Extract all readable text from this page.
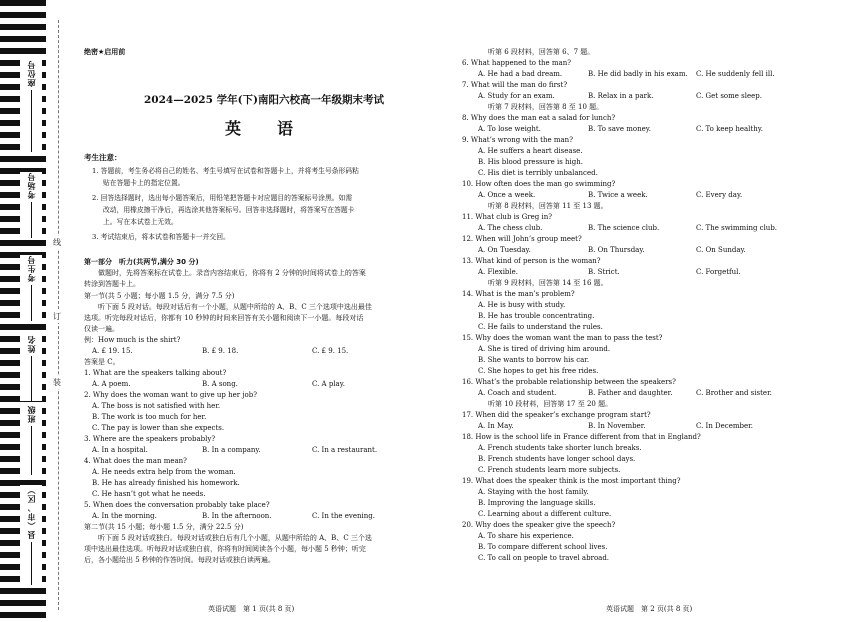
座位号
考场号
考生号
姓名
班级
县（市、区）
线
订
装
绝密★启用前
2024—2025 学年(下)南阳六校高一年级期末考试
英　语
考生注意：
1. 答题前，考生务必将自己的姓名、考生号填写在试卷和答题卡上，并将考生号条形码粘
贴在答题卡上的指定位置。
2. 回答选择题时，选出每小题答案后，用铅笔把答题卡对应题目的答案标号涂黑。如需
改动，用橡皮擦干净后，再选涂其他答案标号。回答非选择题时，将答案写在答题卡
上。写在本试卷上无效。
3. 考试结束后，将本试卷和答题卡一并交回。
第一部分　听力(共两节,满分 30 分)
做题时，先将答案标在试卷上。录音内容结束后，你将有 2 分钟的时间将试卷上的答案
转涂到答题卡上。
第一节(共 5 小题；每小题 1.5 分，满分 7.5 分)
听下面 5 段对话。每段对话后有一个小题，从题中所给的 A、B、C 三个选项中选出最佳
选项。听完每段对话后，你都有 10 秒钟的时间来回答有关小题和阅读下一小题。每段对话
仅读一遍。
例：How much is the shirt?
A. £ 19. 15.	B. £ 9. 18.	C. £ 9. 15.
答案是 C。
1. What are the speakers talking about?
A. A poem.	B. A song.	C. A play.
2. Why does the woman want to give up her job?
A. The boss is not satisfied with her.
B. The work is too much for her.
C. The pay is lower than she expects.
3. Where are the speakers probably?
A. In a hospital.	B. In a company.	C. In a restaurant.
4. What does the man mean?
A. He needs extra help from the woman.
B. He has already finished his homework.
C. He hasn’t got what he needs.
5. When does the conversation probably take place?
A. In the morning.	B. In the afternoon.	C. In the evening.
第二节(共 15 小题；每小题 1.5 分，满分 22.5 分)
听下面 5 段对话或独白。每段对话或独白后有几个小题，从题中所给的 A、B、C 三个选
项中选出最佳选项。听每段对话或独白前，你将有时间阅读各个小题，每小题 5 秒钟；听完
后，各小题给出 5 秒钟的作答时间。每段对话或独白读两遍。
听第 6 段材料，回答第 6、7 题。
6. What happened to the man?
A. He had a bad dream.	B. He did badly in his exam. C. He suddenly fell ill.
7. What will the man do first?
A. Study for an exam.	B. Relax in a park.	C. Get some sleep.
听第 7 段材料，回答第 8 至 10 题。
8. Why does the man eat a salad for lunch?
A. To lose weight.	B. To save money.	C. To keep healthy.
9. What’s wrong with the man?
A. He suffers a heart disease.
B. His blood pressure is high.
C. His diet is terribly unbalanced.
10. How often does the man go swimming?
A. Once a week.	B. Twice a week.	C. Every day.
听第 8 段材料，回答第 11 至 13 题。
11. What club is Greg in?
A. The chess club.	B. The science club.	C. The swimming club.
12. When will John’s group meet?
A. On Tuesday.	B. On Thursday.	C. On Sunday.
13. What kind of person is the woman?
A. Flexible.	B. Strict.	C. Forgetful.
听第 9 段材料，回答第 14 至 16 题。
14. What is the man’s problem?
A. He is busy with study.
B. He has trouble concentrating.
C. He fails to understand the rules.
15. Why does the woman want the man to pass the test?
A. She is tired of driving him around.
B. She wants to borrow his car.
C. She hopes to get his free rides.
16. What’s the probable relationship between the speakers?
A. Coach and student.	B. Father and daughter.	C. Brother and sister.
听第 10 段材料，回答第 17 至 20 题。
17. When did the speaker’s exchange program start?
A. In May.	B. In November.	C. In December.
18. How is the school life in France different from that in England?
A. French students take shorter lunch breaks.
B. French students have longer school days.
C. French students learn more subjects.
19. What does the speaker think is the most important thing?
A. Staying with the host family.
B. Improving the language skills.
C. Learning about a different culture.
20. Why does the speaker give the speech?
A. To share his experience.
B. To compare different school lives.
C. To call on people to travel abroad.
英语试题　第 1 页(共 8 页)	英语试题　第 2 页(共 8 页)
